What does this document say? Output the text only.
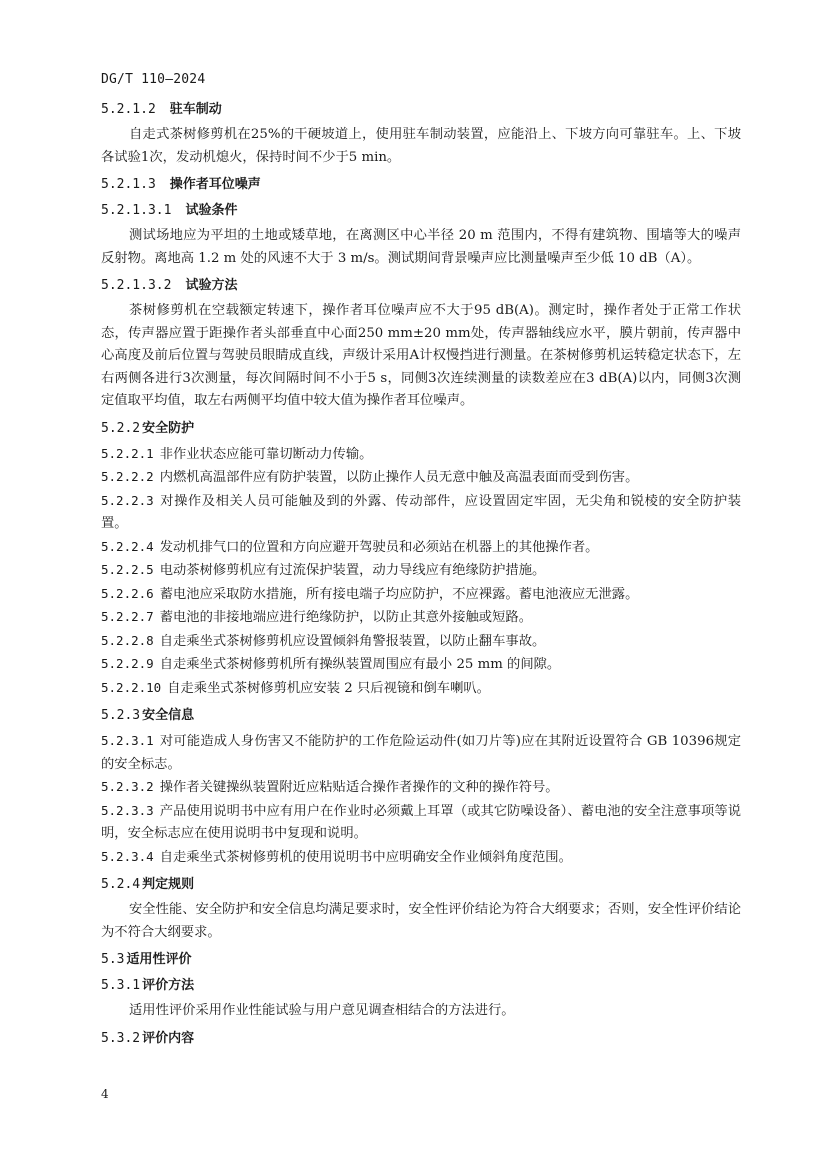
DG/T 110—2024
5.2.1.2 驻车制动

自走式茶树修剪机在25%的干硬坡道上，使用驻车制动装置，应能沿上、下坡方向可靠驻车。上、下坡各试验1次，发动机熄火，保持时间不少于5 min。

5.2.1.3 操作者耳位噪声
5.2.1.3.1 试验条件

测试场地应为平坦的土地或矮草地，在离测区中心半径 20 m 范围内，不得有建筑物、围墙等大的噪声反射物。离地高 1.2 m 处的风速不大于 3 m/s。测试期间背景噪声应比测量噪声至少低 10 dB（A）。

5.2.1.3.2 试验方法

茶树修剪机在空载额定转速下，操作者耳位噪声应不大于95 dB(A)。测定时，操作者处于正常工作状态，传声器应置于距操作者头部垂直中心面250 mm±20 mm处，传声器轴线应水平，膜片朝前，传声器中心高度及前后位置与驾驶员眼睛成直线，声级计采用A计权慢挡进行测量。在茶树修剪机运转稳定状态下，左右两侧各进行3次测量，每次间隔时间不小于5 s，同侧3次连续测量的读数差应在3 dB(A)以内，同侧3次测定值取平均值，取左右两侧平均值中较大值为操作者耳位噪声。

5.2.2 安全防护

5.2.2.1 非作业状态应能可靠切断动力传输。

5.2.2.2 内燃机高温部件应有防护装置，以防止操作人员无意中触及高温表面而受到伤害。

5.2.2.3 对操作及相关人员可能触及到的外露、传动部件，应设置固定牢固，无尖角和锐棱的安全防护装置。

5.2.2.4 发动机排气口的位置和方向应避开驾驶员和必须站在机器上的其他操作者。

5.2.2.5 电动茶树修剪机应有过流保护装置，动力导线应有绝缘防护措施。

5.2.2.6 蓄电池应采取防水措施，所有接电端子均应防护，不应裸露。蓄电池液应无泄露。

5.2.2.7 蓄电池的非接地端应进行绝缘防护，以防止其意外接触或短路。

5.2.2.8 自走乘坐式茶树修剪机应设置倾斜角警报装置，以防止翻车事故。

5.2.2.9 自走乘坐式茶树修剪机所有操纵装置周围应有最小 25 mm 的间隙。

5.2.2.10 自走乘坐式茶树修剪机应安装 2 只后视镜和倒车喇叭。

5.2.3 安全信息

5.2.3.1 对可能造成人身伤害又不能防护的工作危险运动件(如刀片等)应在其附近设置符合 GB 10396规定的安全标志。

5.2.3.2 操作者关键操纵装置附近应粘贴适合操作者操作的文种的操作符号。

5.2.3.3 产品使用说明书中应有用户在作业时必须戴上耳罩（或其它防噪设备）、蓄电池的安全注意事项等说明，安全标志应在使用说明书中复现和说明。

5.2.3.4 自走乘坐式茶树修剪机的使用说明书中应明确安全作业倾斜角度范围。

5.2.4 判定规则

安全性能、安全防护和安全信息均满足要求时，安全性评价结论为符合大纲要求；否则，安全性评价结论为不符合大纲要求。

5.3 适用性评价
5.3.1 评价方法

适用性评价采用作业性能试验与用户意见调查相结合的方法进行。

5.3.2 评价内容
4
